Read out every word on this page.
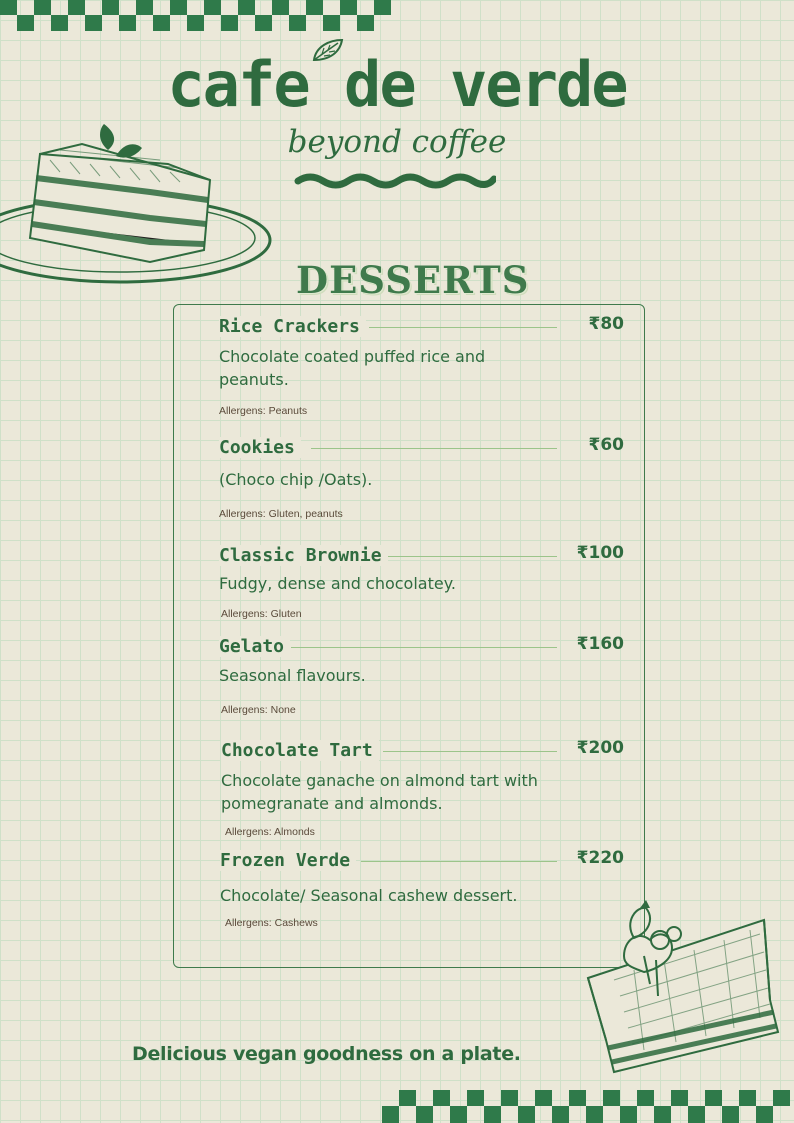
cafe de verde
beyond coffee
DESSERTS
Rice Crackers	₹80
Chocolate coated puffed rice and peanuts.
Allergens: Peanuts
Cookies	₹60
(Choco chip /Oats).
Allergens: Gluten, peanuts
Classic Brownie	₹100
Fudgy, dense and chocolatey.
Allergens: Gluten
Gelato	₹160
Seasonal flavours.
Allergens: None
Chocolate Tart	₹200
Chocolate ganache on almond tart with pomegranate and almonds.
Allergens: Almonds
Frozen Verde	₹220
Chocolate/ Seasonal cashew dessert.
Allergens: Cashews
Delicious vegan goodness on a plate.
